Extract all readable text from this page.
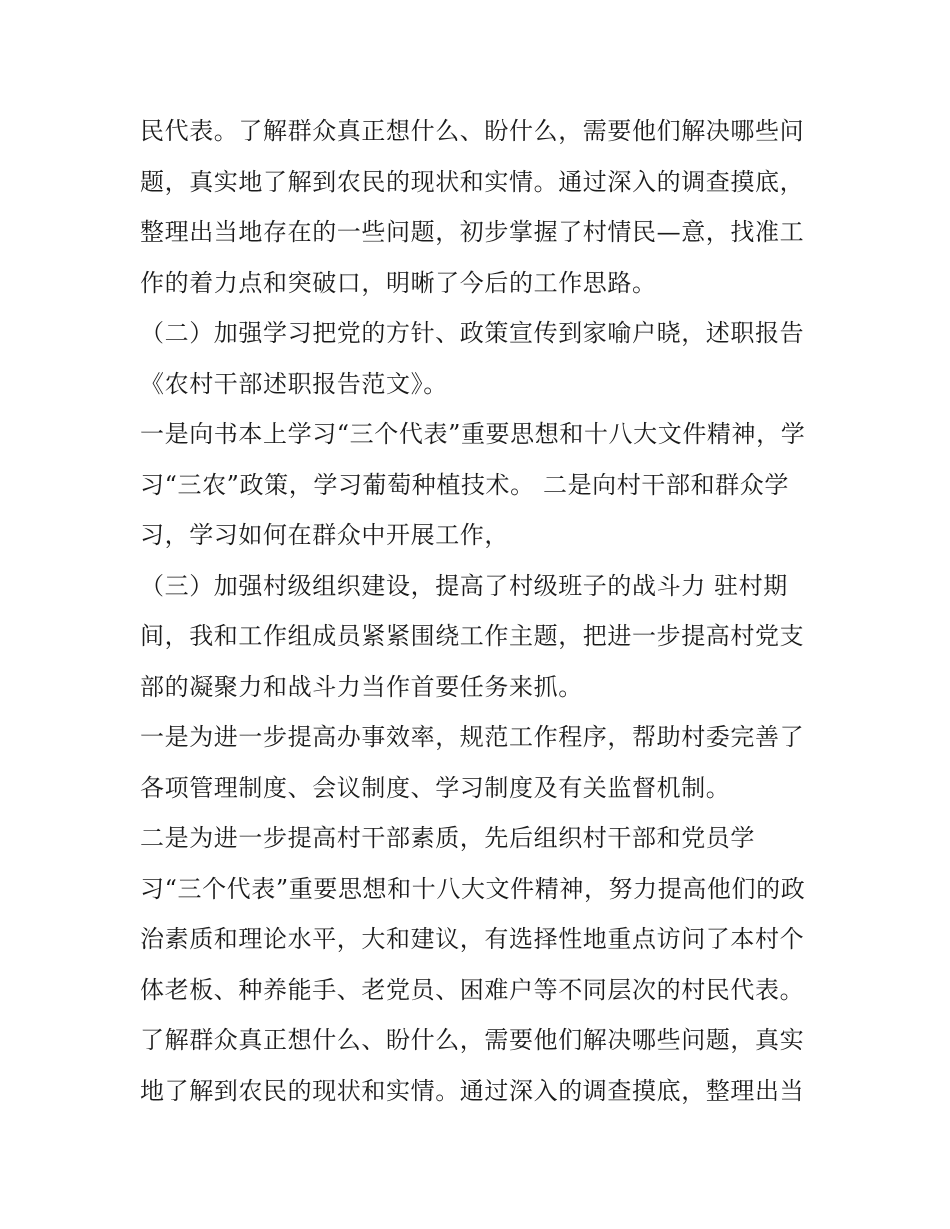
民代表。了解群众真正想什么、盼什么，需要他们解决哪些问
题，真实地了解到农民的现状和实情。通过深入的调查摸底，
整理出当地存在的一些问题，初步掌握了村情民—意，找准工
作的着力点和突破口，明晰了今后的工作思路。
（二）加强学习把党的方针、政策宣传到家喻户晓，述职报告
《农村干部述职报告范文》。
一是向书本上学习“三个代表”重要思想和十八大文件精神，学
习“三农”政策，学习葡萄种植技术。 二是向村干部和群众学
习，学习如何在群众中开展工作，
（三）加强村级组织建设，提高了村级班子的战斗力 驻村期
间，我和工作组成员紧紧围绕工作主题，把进一步提高村党支
部的凝聚力和战斗力当作首要任务来抓。
一是为进一步提高办事效率，规范工作程序，帮助村委完善了
各项管理制度、会议制度、学习制度及有关监督机制。
二是为进一步提高村干部素质，先后组织村干部和党员学
习“三个代表”重要思想和十八大文件精神，努力提高他们的政
治素质和理论水平，大和建议，有选择性地重点访问了本村个
体老板、种养能手、老党员、困难户等不同层次的村民代表。
了解群众真正想什么、盼什么，需要他们解决哪些问题，真实
地了解到农民的现状和实情。通过深入的调查摸底，整理出当
